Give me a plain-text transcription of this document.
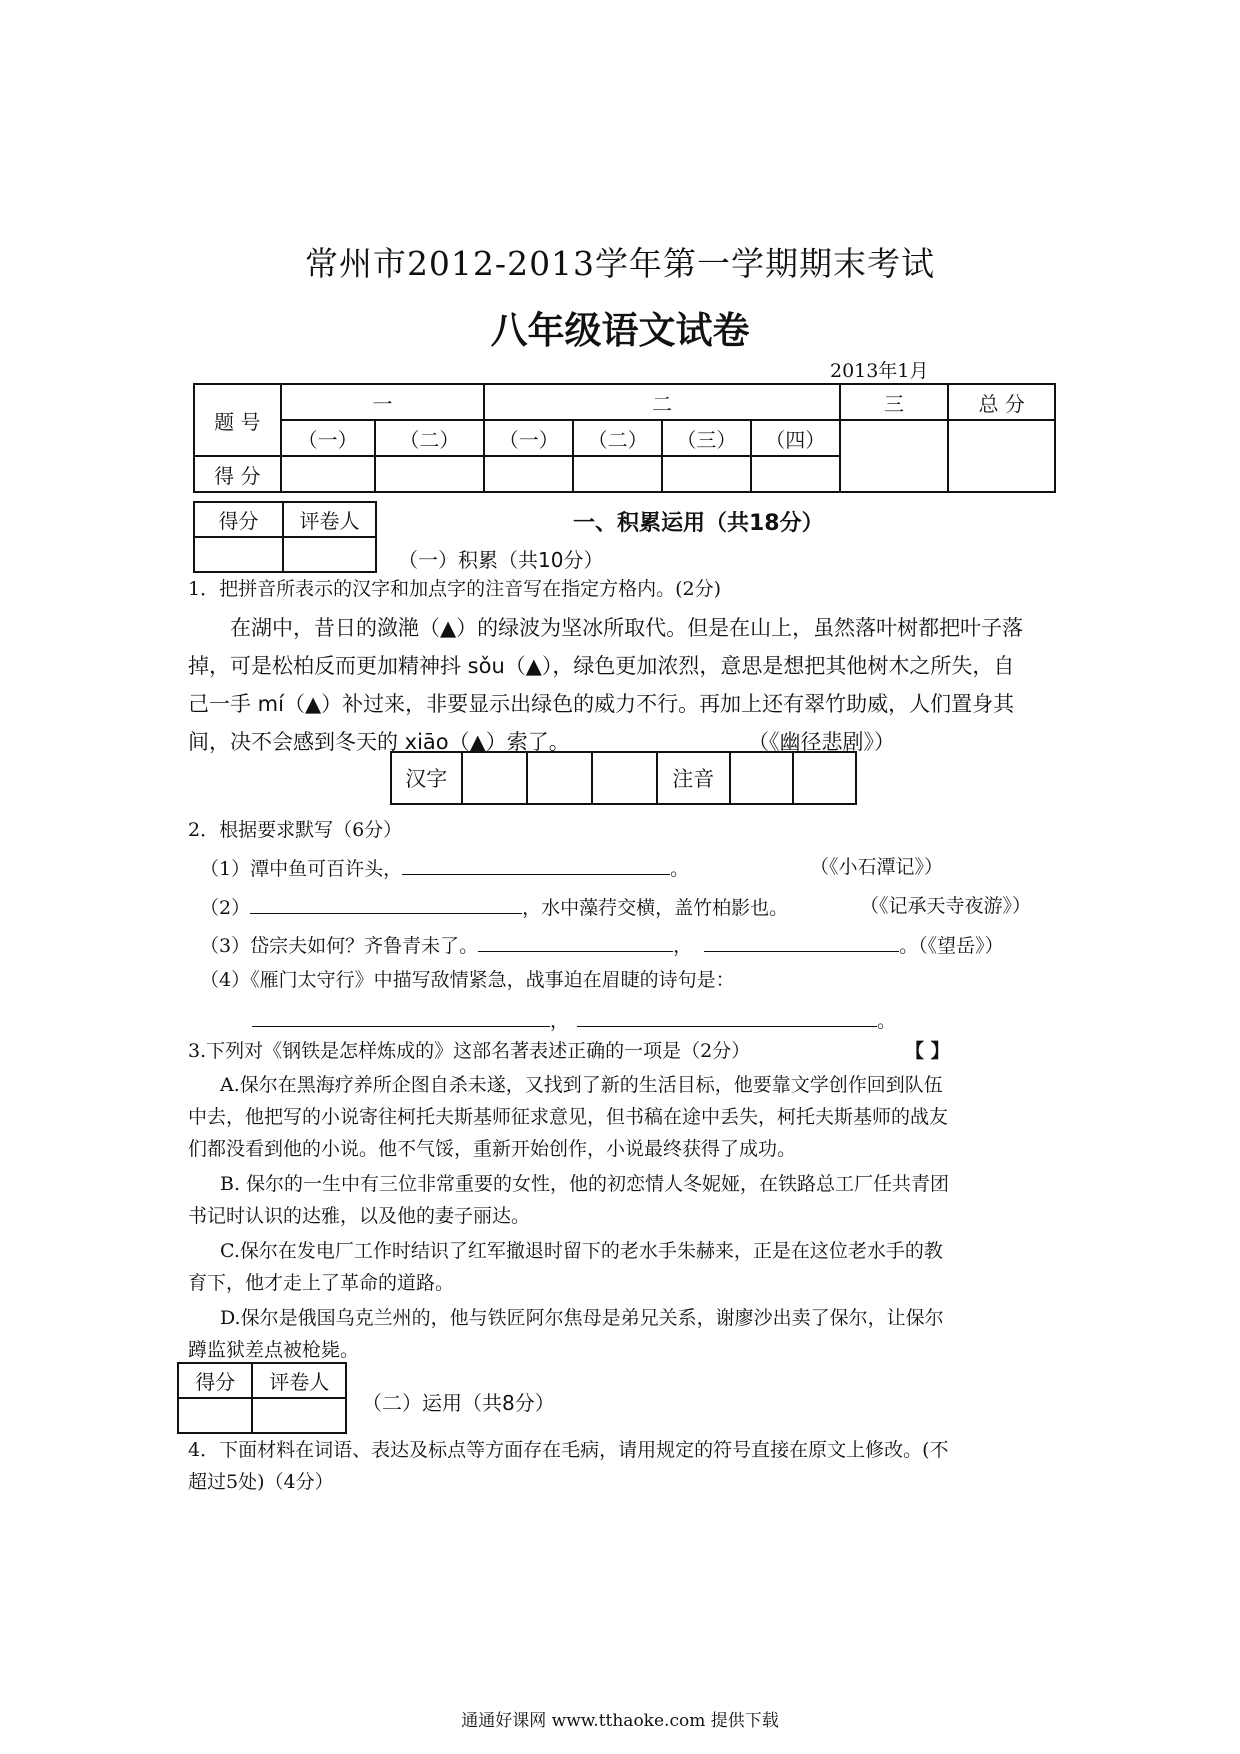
常州市2012-2013学年第一学期期末考试
八年级语文试卷
2013年1月
题 号	一		二				三	总 分
	（一）	（二）	（一）	（二）	（三）	（四）		
得 分								
得分	评卷人
		一、积累运用（共18分）
（一）积累（共10分）
1．把拼音所表示的汉字和加点字的注音写在指定方格内。(2分)
在湖中，昔日的潋滟（▲）的绿波为坚冰所取代。但是在山上，虽然落叶树都把叶子落
掉，可是松柏反而更加精神抖 sǒu（▲），绿色更加浓烈，意思是想把其他树木之所失，自
己一手 mí（▲）补过来，非要显示出绿色的威力不行。再加上还有翠竹助威，人们置身其
间，决不会感到冬天的 xiāo（▲）索了。	（《幽径悲剧》）
汉字				注音		
2．根据要求默写（6分）
（1）潭中鱼可百许头，	。	（《小石潭记》）
（2）	，水中藻荇交横，盖竹柏影也。	（《记承天寺夜游》）
（3）岱宗夫如何？齐鲁青未了。	，	。（《望岳》）
（4）《雁门太守行》中描写敌情紧急，战事迫在眉睫的诗句是：
，	。
3.下列对《钢铁是怎样炼成的》这部名著表述正确的一项是（2分）	【 】
A.保尔在黑海疗养所企图自杀未遂，又找到了新的生活目标，他要靠文学创作回到队伍
中去，他把写的小说寄往柯托夫斯基师征求意见，但书稿在途中丢失，柯托夫斯基师的战友
们都没看到他的小说。他不气馁，重新开始创作，小说最终获得了成功。
B. 保尔的一生中有三位非常重要的女性，他的初恋情人冬妮娅，在铁路总工厂任共青团
书记时认识的达雅，以及他的妻子丽达。
C.保尔在发电厂工作时结识了红军撤退时留下的老水手朱赫来，正是在这位老水手的教
育下，他才走上了革命的道路。
D.保尔是俄国乌克兰州的，他与铁匠阿尔焦母是弟兄关系，谢廖沙出卖了保尔，让保尔
蹲监狱差点被枪毙。
得分	评卷人

（二）运用（共8分）
4．下面材料在词语、表达及标点等方面存在毛病，请用规定的符号直接在原文上修改。(不
超过5处)（4分）
通通好课网 www.tthaoke.com 提供下载
